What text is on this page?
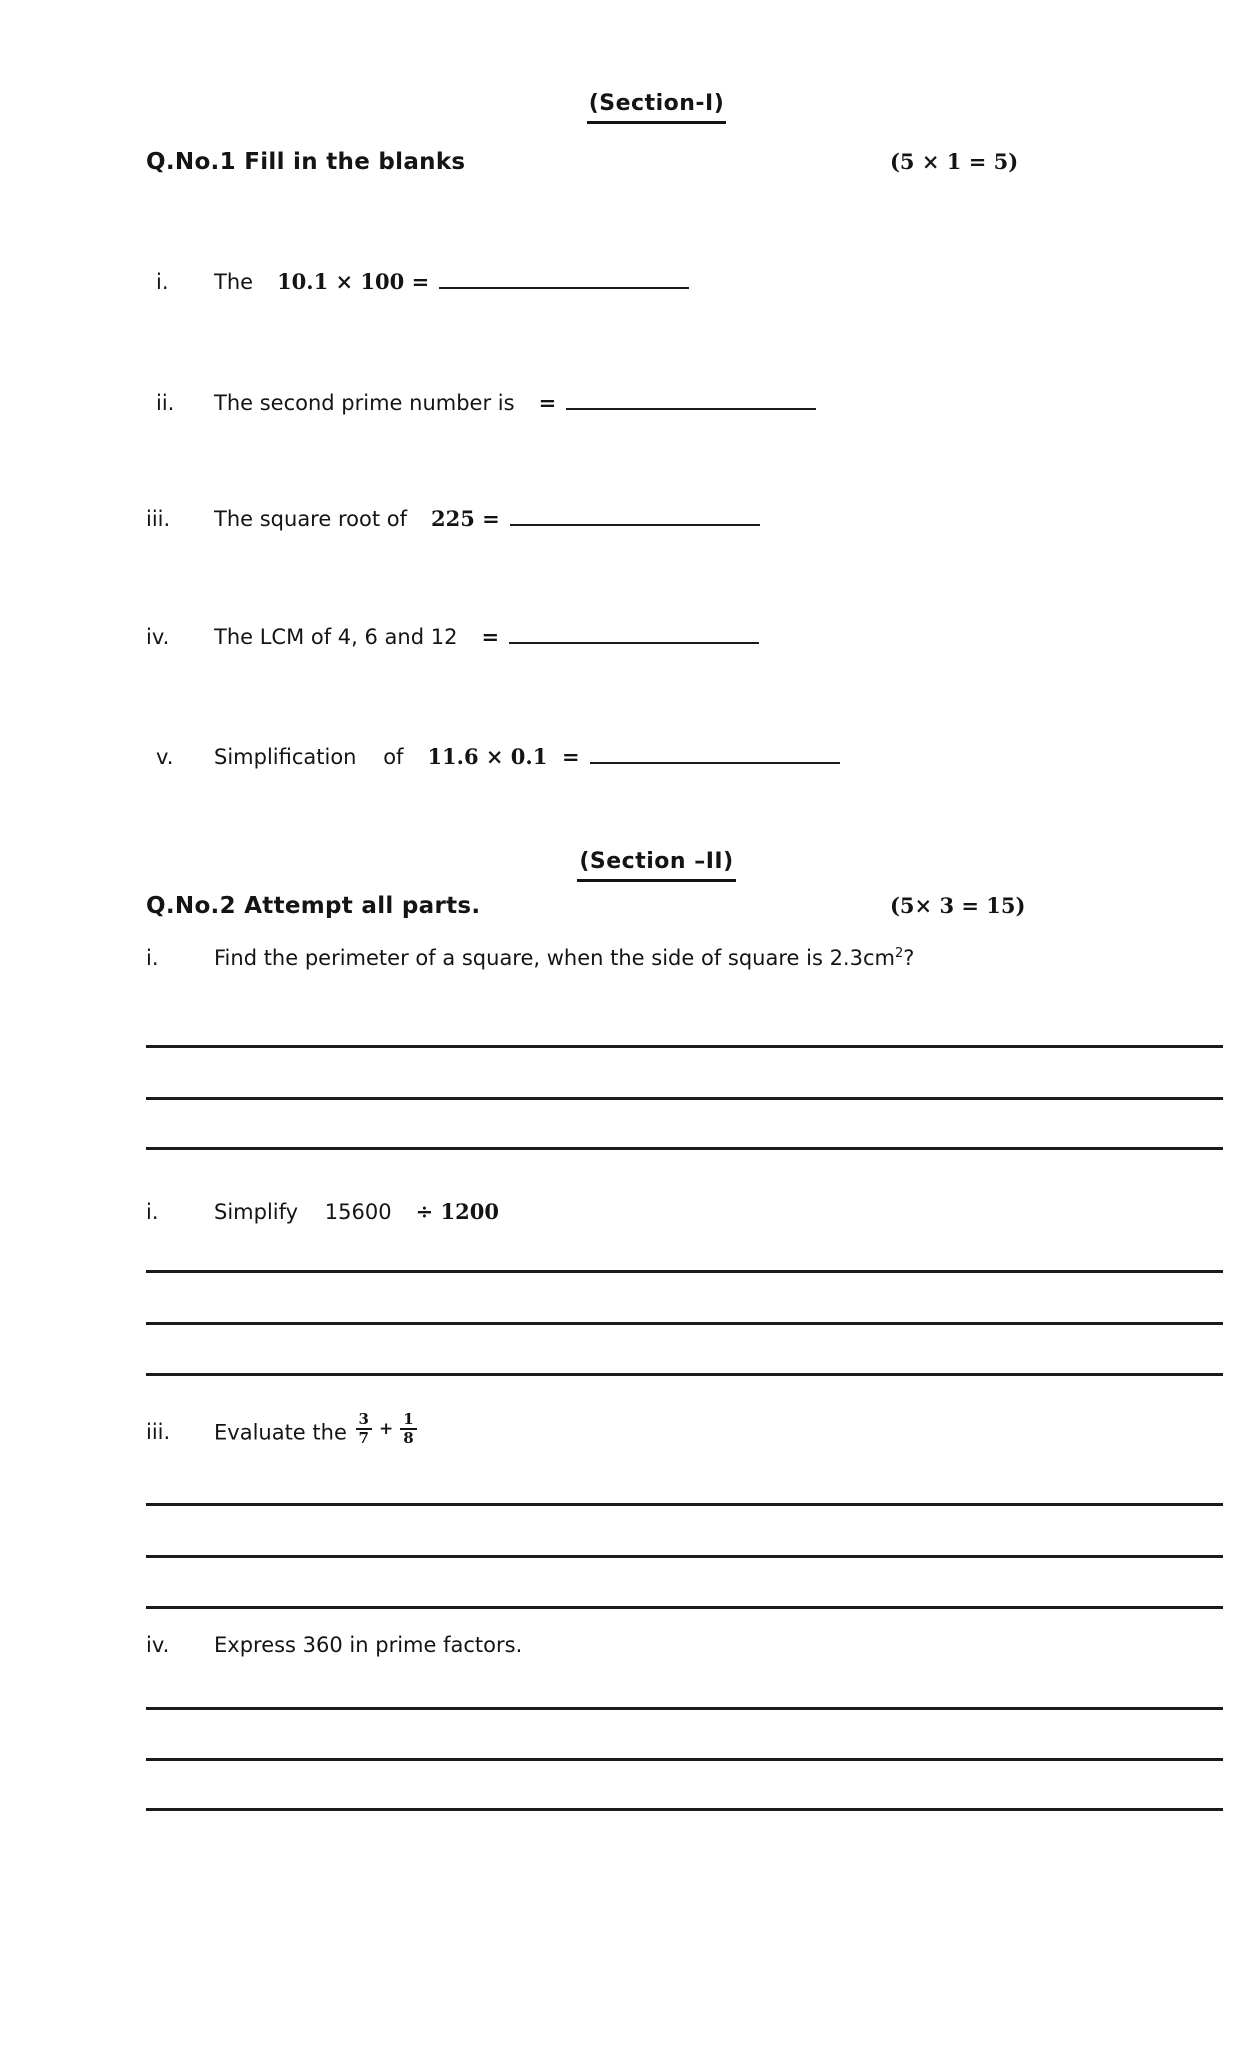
(Section-I)
Q.No.1 Fill in the blanks	(5 × 1 = 5)
i. The 10.1 × 100 =
ii. The second prime number is =
iii. The square root of 225 =
iv. The LCM of 4, 6 and 12 =
v. Simplification    of 11.6 × 0.1  =
(Section –II)
Q.No.2 Attempt all parts.	(5× 3 = 15)
i.	Find the perimeter of a square, when the side of square is $2.3cm^2$?
i.	Simplify    15600 ÷ 1200
iii. Evaluate the $\frac{3}{7} + \frac{1}{8}$
iv. Express 360 in prime factors.
